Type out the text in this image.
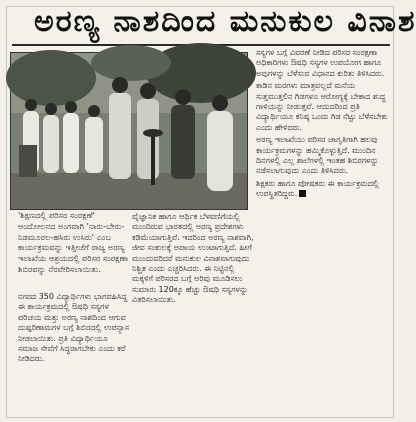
ಅರಣ್ಯ ನಾಶದಿಂದ ಮನುಕುಲ ವಿನಾಶ
'ಶಿಕ್ಷಣದಲ್ಲಿ ಪರಿಸರ ಸಂರಕ್ಷಣೆ' ಆಂದೋಲನದ ಅಂಗವಾಗಿ 'ನಾರು-ಬೇರು-ನಿಡಮೂರಲ-ಹಸಿರು ಉಸಿರು' ಎಂಬ ಕಾರ್ಯಕ್ರಮವನ್ನು ಇತ್ತೀಚೆಗೆ ರಾಜ್ಯ ಅರಣ್ಯ ಇಲಾಖೆಯ ಆಶ್ರಯದಲ್ಲಿ ಪರಿಸರ ಸಂರಕ್ಷಣಾ ಶಿಬಿರವನ್ನು ನೆರವೇರಿಸಲಾಯಿತು.

ವೈಜ್ಞಾನಿಕ ಹಾಗೂ ಆರ್ಥಿಕ ಬೆಳವಣಿಗೆಯಲ್ಲಿ ಮುಂದಿರುವ ಭಾರತದಲ್ಲಿ ಅರಣ್ಯ ಪ್ರದೇಶಗಳು ಕಡಿಮೆಯಾಗುತ್ತಿವೆ. ಇದರಿಂದ ಅರಣ್ಯ ನಾಶವಾಗಿ, ಜೀವ ಸಂಕುಲಕ್ಕೆ ಅಪಾಯ ಉಂಟಾಗುತ್ತಿದೆ. ಹೀಗೆ ಮುಂದುವರಿದರೆ ಮನುಕುಲ ವಿನಾಶವಾಗುವುದು ನಿಶ್ಚಿತ ಎಂದು ಎಚ್ಚರಿಸಿದರು. ಈ ನಿಟ್ಟಿನಲ್ಲಿ ಮಕ್ಕಳಿಗೆ ಪರಿಸರದ ಬಗ್ಗೆ ಅರಿವು ಮೂಡಿಸಲು ಸುಮಾರು 120ಕ್ಕೂ ಹೆಚ್ಚು ಔಷಧಿ ಸಸ್ಯಗಳನ್ನು ವಿತರಿಸಲಾಯಿತು.

ನಗರದ 350 ವಿದ್ಯಾರ್ಥಿಗಳು ಭಾಗವಹಿಸಿದ್ದ ಈ ಕಾರ್ಯಕ್ರಮದಲ್ಲಿ ಔಷಧಿ ಸಸ್ಯಗಳ ಪರಿಚಯ ಮತ್ತು ಅರಣ್ಯ ನಾಶದಿಂದ ಆಗುವ ದುಷ್ಪರಿಣಾಮಗಳ ಬಗ್ಗೆ ಶಿಬಿರದಲ್ಲಿ ಉಪನ್ಯಾಸ ನೀಡಲಾಯಿತು. ಪ್ರತಿ ವಿದ್ಯಾರ್ಥಿಯೂ ಸಮಾಜ ಸೇವೆಗೆ ಸಿದ್ಧರಾಗಬೇಕು ಎಂದು ಕರೆ ನೀಡಿದರು.

ಸಸ್ಯಗಳ ಬಗ್ಗೆ ವಿವರಣೆ ನೀಡಿದ ಪರಿಸರ ಸಂರಕ್ಷಣಾ ಅಧಿಕಾರಿಗಳು ಔಷಧಿ ಸಸ್ಯಗಳ ಉಪಯೋಗ ಹಾಗೂ ಅವುಗಳನ್ನು ಬೆಳೆಸುವ ವಿಧಾನದ ಕುರಿತು ತಿಳಿಸಿದರು.

ಕಾಡಿನ ಮರಗಳು ಮಾತ್ರವಲ್ಲದೆ ಮನೆಯ ಸುತ್ತಮುತ್ತಲಿನ ಗಿಡಗಳೂ ಆರೋಗ್ಯಕ್ಕೆ ಬೇಕಾದ ಶುದ್ಧ ಗಾಳಿಯನ್ನು ನೀಡುತ್ತವೆ. ಆದುದರಿಂದ ಪ್ರತಿ ವಿದ್ಯಾರ್ಥಿಯೂ ಕನಿಷ್ಠ ಒಂದು ಗಿಡ ನೆಟ್ಟು ಬೆಳೆಸಬೇಕು ಎಂದು ಹೇಳಿದರು.

ಅರಣ್ಯ ಇಲಾಖೆಯು ಪರಿಸರ ಜಾಗೃತಿಗಾಗಿ ಹಲವು ಕಾರ್ಯಕ್ರಮಗಳನ್ನು ಹಮ್ಮಿಕೊಳ್ಳುತ್ತಿದೆ. ಮುಂದಿನ ದಿನಗಳಲ್ಲಿ ಎಲ್ಲ ಶಾಲೆಗಳಲ್ಲಿ ಇಂತಹ ಶಿಬಿರಗಳನ್ನು ನಡೆಸಲಾಗುವುದು ಎಂದು ತಿಳಿಸಿದರು.

ಶಿಕ್ಷಕರು ಹಾಗೂ ಪೋಷಕರು ಈ ಕಾರ್ಯಕ್ರಮದಲ್ಲಿ ಉಪಸ್ಥಿತರಿದ್ದರು.
